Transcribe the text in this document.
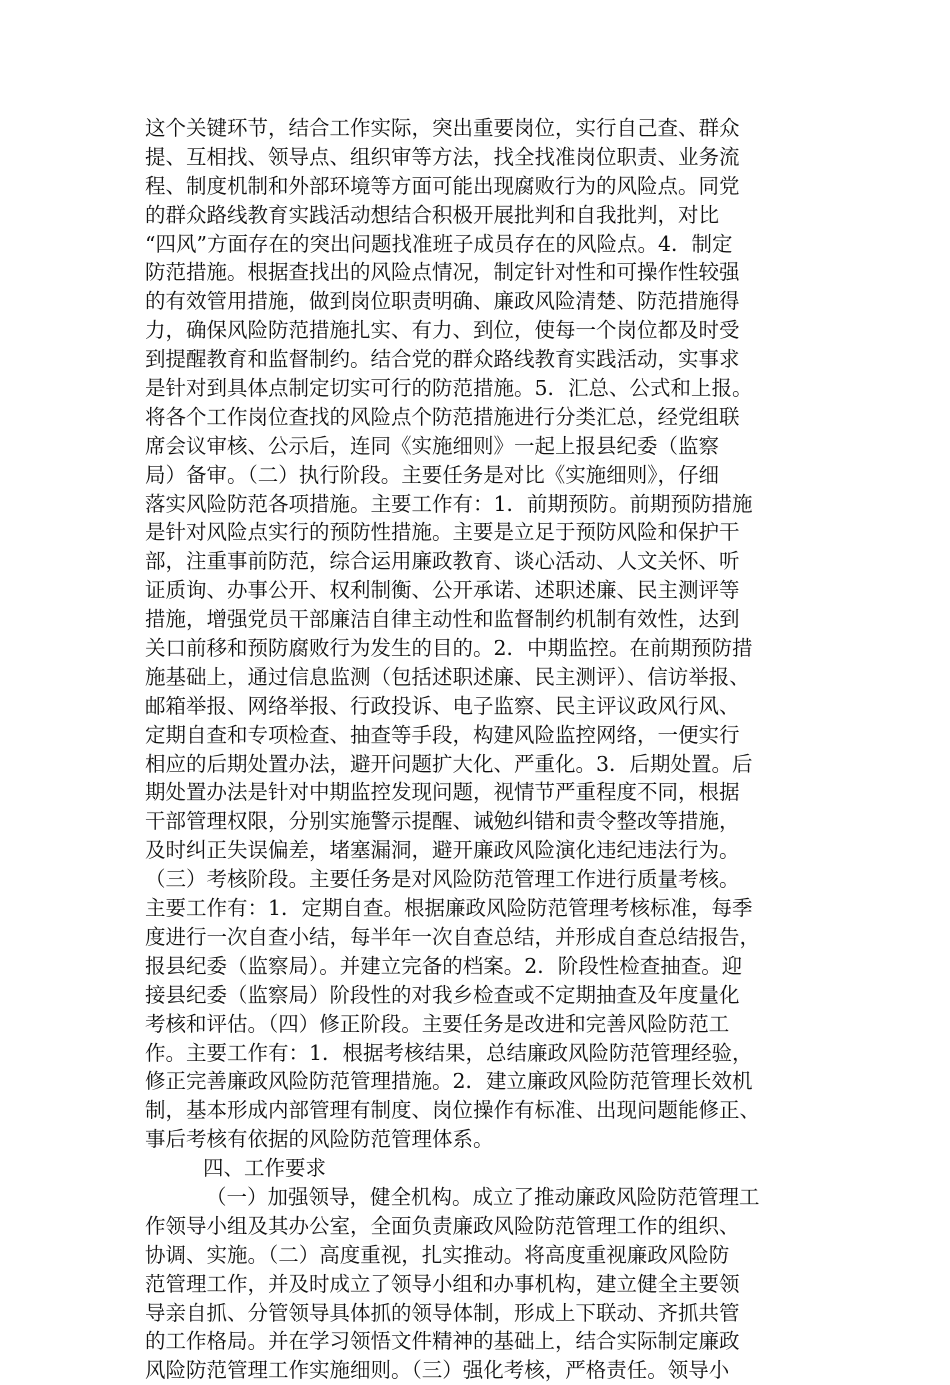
这个关键环节，结合工作实际，突出重要岗位，实行自己查、群众
提、互相找、领导点、组织审等方法，找全找准岗位职责、业务流
程、制度机制和外部环境等方面可能出现腐败行为的风险点。同党
的群众路线教育实践活动想结合积极开展批判和自我批判，对比
“四风”方面存在的突出问题找准班子成员存在的风险点。4．制定
防范措施。根据查找出的风险点情况，制定针对性和可操作性较强
的有效管用措施，做到岗位职责明确、廉政风险清楚、防范措施得
力，确保风险防范措施扎实、有力、到位，使每一个岗位都及时受
到提醒教育和监督制约。结合党的群众路线教育实践活动，实事求
是针对到具体点制定切实可行的防范措施。5．汇总、公式和上报。
将各个工作岗位查找的风险点个防范措施进行分类汇总，经党组联
席会议审核、公示后，连同《实施细则》一起上报县纪委（监察
局）备审。（二）执行阶段。主要任务是对比《实施细则》，仔细
落实风险防范各项措施。主要工作有：1．前期预防。前期预防措施
是针对风险点实行的预防性措施。主要是立足于预防风险和保护干
部，注重事前防范，综合运用廉政教育、谈心活动、人文关怀、听
证质询、办事公开、权利制衡、公开承诺、述职述廉、民主测评等
措施，增强党员干部廉洁自律主动性和监督制约机制有效性，达到
关口前移和预防腐败行为发生的目的。2．中期监控。在前期预防措
施基础上，通过信息监测（包括述职述廉、民主测评）、信访举报、
邮箱举报、网络举报、行政投诉、电子监察、民主评议政风行风、
定期自查和专项检查、抽查等手段，构建风险监控网络，一便实行
相应的后期处置办法，避开问题扩大化、严重化。3．后期处置。后
期处置办法是针对中期监控发现问题，视情节严重程度不同，根据
干部管理权限，分别实施警示提醒、诫勉纠错和责令整改等措施，
及时纠正失误偏差，堵塞漏洞，避开廉政风险演化违纪违法行为。
（三）考核阶段。主要任务是对风险防范管理工作进行质量考核。
主要工作有：1．定期自查。根据廉政风险防范管理考核标准，每季
度进行一次自查小结，每半年一次自查总结，并形成自查总结报告，
报县纪委（监察局）。并建立完备的档案。2．阶段性检查抽查。迎
接县纪委（监察局）阶段性的对我乡检查或不定期抽查及年度量化
考核和评估。（四）修正阶段。主要任务是改进和完善风险防范工
作。主要工作有：1．根据考核结果，总结廉政风险防范管理经验，
修正完善廉政风险防范管理措施。2．建立廉政风险防范管理长效机
制，基本形成内部管理有制度、岗位操作有标准、出现问题能修正、
事后考核有依据的风险防范管理体系。
四、工作要求
（一）加强领导，健全机构。成立了推动廉政风险防范管理工
作领导小组及其办公室，全面负责廉政风险防范管理工作的组织、
协调、实施。（二）高度重视，扎实推动。将高度重视廉政风险防
范管理工作，并及时成立了领导小组和办事机构，建立健全主要领
导亲自抓、分管领导具体抓的领导体制，形成上下联动、齐抓共管
的工作格局。并在学习领悟文件精神的基础上，结合实际制定廉政
风险防范管理工作实施细则。（三）强化考核，严格责任。领导小
